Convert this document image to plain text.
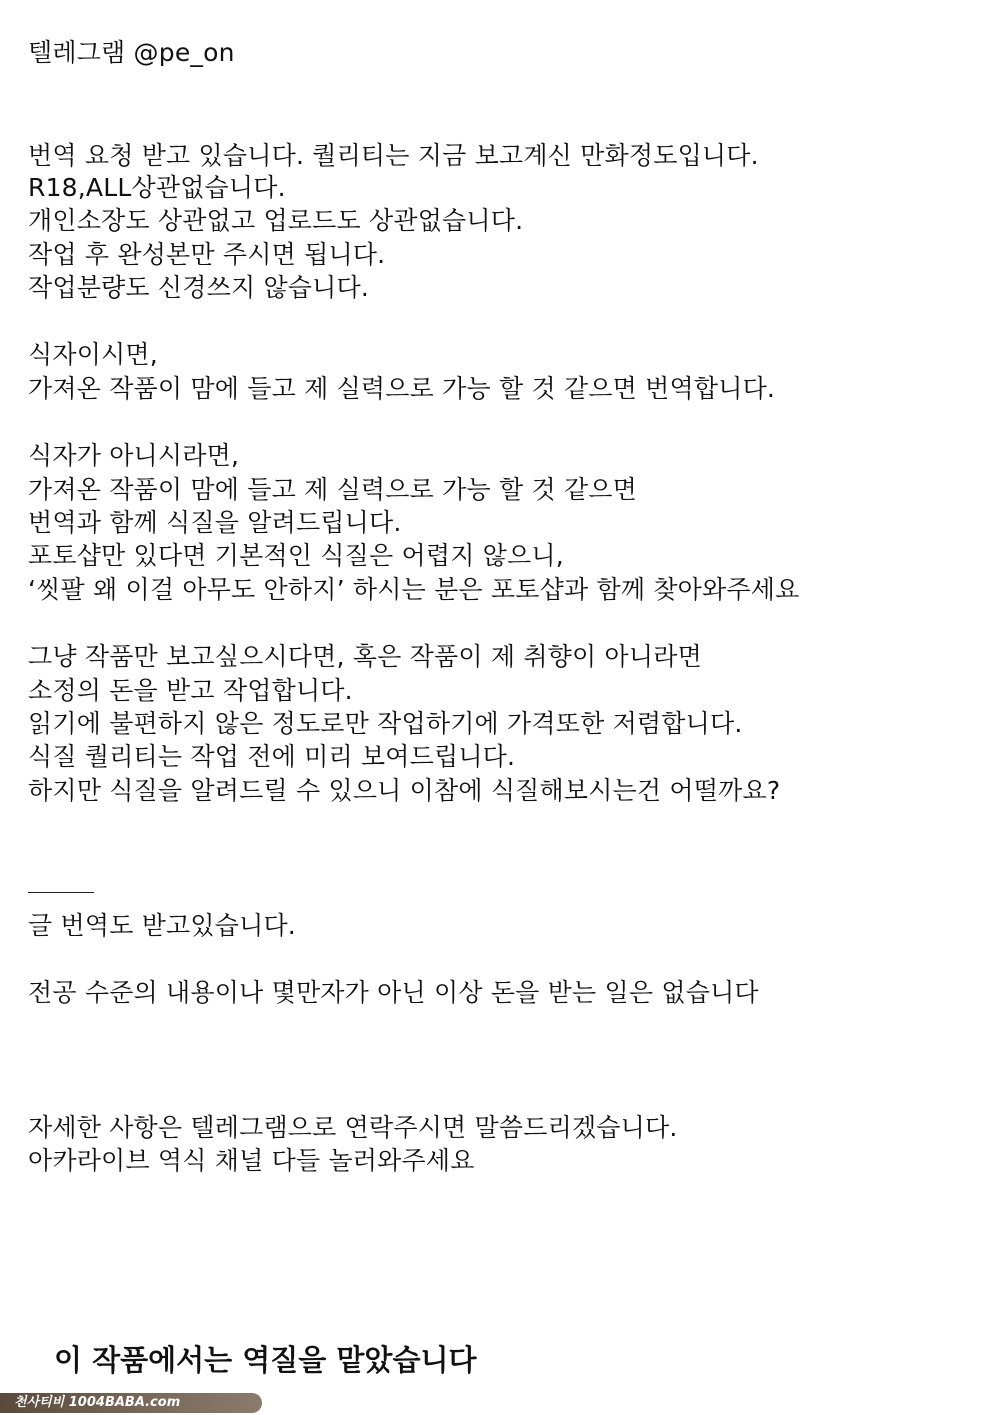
텔레그램 @pe_on

번역 요청 받고 있습니다. 퀄리티는 지금 보고계신 만화정도입니다.

R18,ALL상관없습니다.

개인소장도 상관없고 업로드도 상관없습니다.

작업 후 완성본만 주시면 됩니다.

작업분량도 신경쓰지 않습니다.

식자이시면,

가져온 작품이 맘에 들고 제 실력으로 가능 할 것 같으면 번역합니다.

식자가 아니시라면,

가져온 작품이 맘에 들고 제 실력으로 가능 할 것 같으면

번역과 함께 식질을 알려드립니다.

포토샵만 있다면 기본적인 식질은 어렵지 않으니,

‘씻팔 왜 이걸 아무도 안하지’ 하시는 분은 포토샵과 함께 찾아와주세요

그냥 작품만 보고싶으시다면, 혹은 작품이 제 취향이 아니라면

소정의 돈을 받고 작업합니다.

읽기에 불편하지 않은 정도로만 작업하기에 가격또한 저렴합니다.

식질 퀄리티는 작업 전에 미리 보여드립니다.

하지만 식질을 알려드릴 수 있으니 이참에 식질해보시는건 어떨까요?

글 번역도 받고있습니다.

전공 수준의 내용이나 몇만자가 아닌 이상 돈을 받는 일은 없습니다

자세한 사항은 텔레그램으로 연락주시면 말씀드리겠습니다.

아카라이브 역식 채널 다들 놀러와주세요

이 작품에서는 역질을 맡았습니다

천사티비 1004BABA.com
